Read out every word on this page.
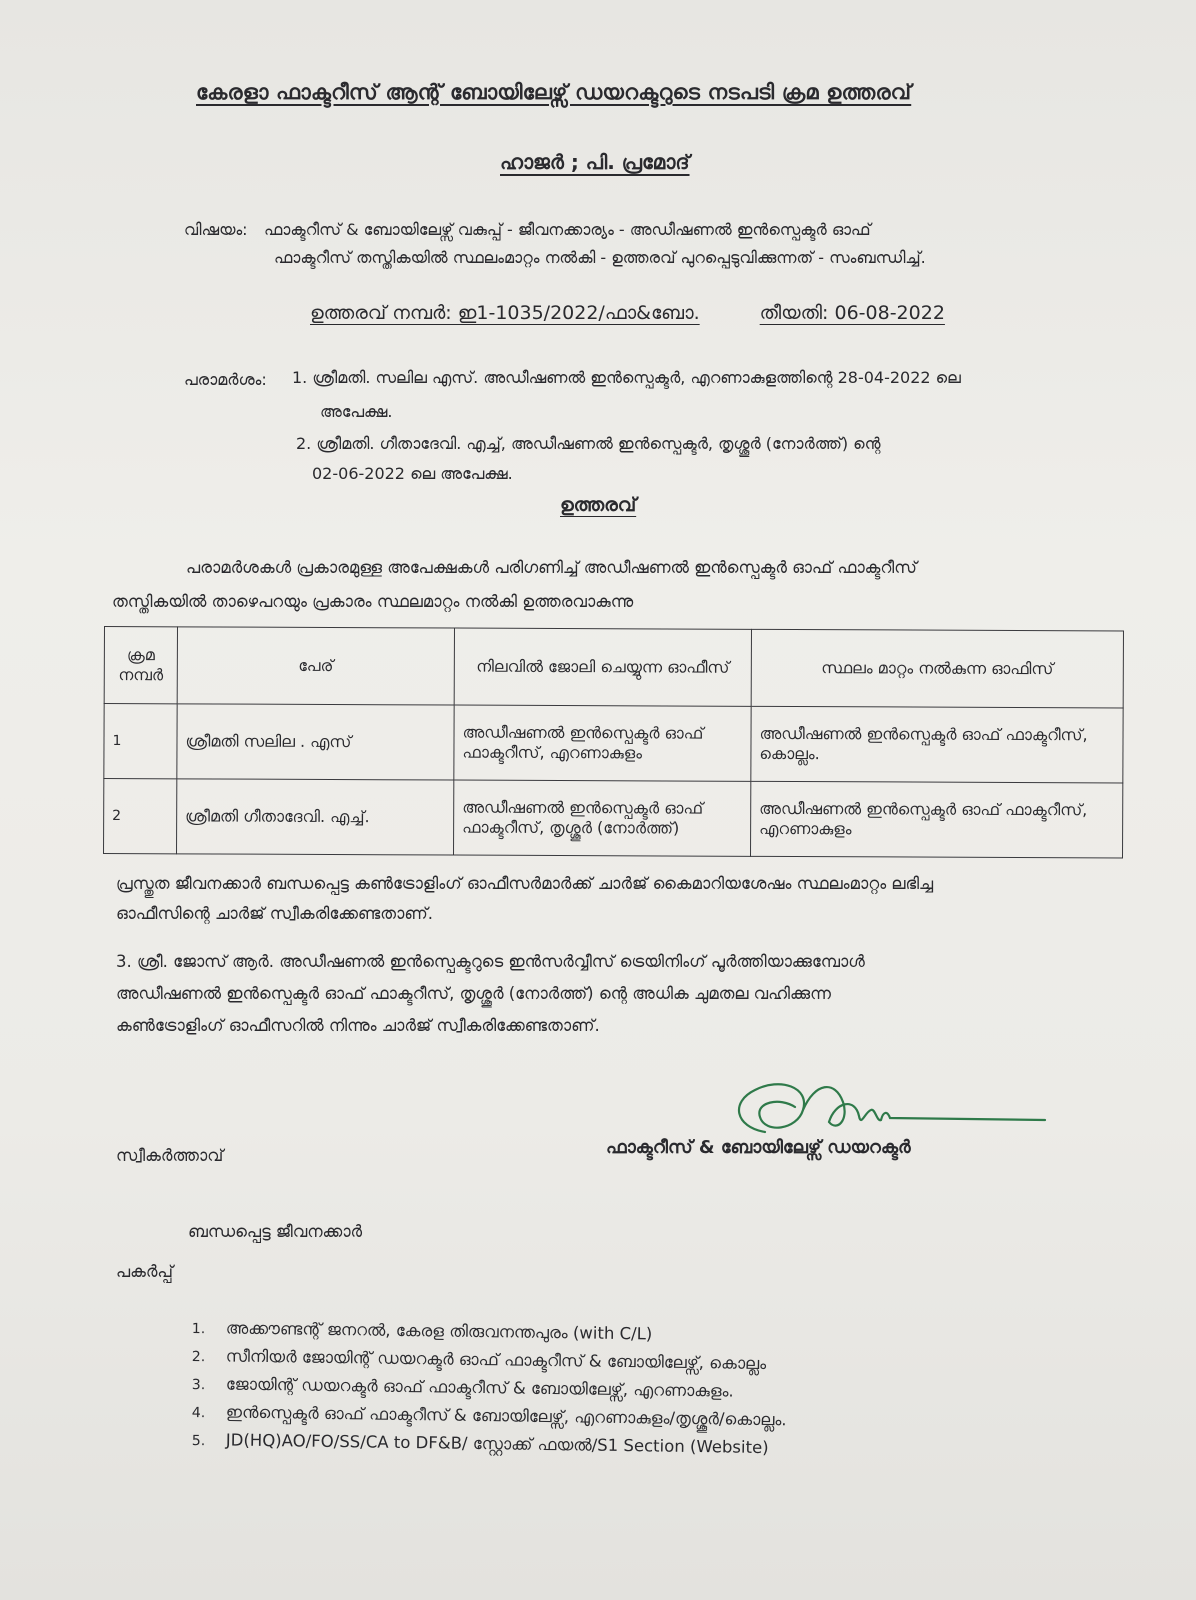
കേരളാ ഫാക്ടറീസ് ആന്റ് ബോയിലേഴ്സ് ഡയറക്ടറുടെ നടപടി ക്രമ ഉത്തരവ്
ഹാജര്‍ ; പി. പ്രമോദ്
വിഷയം: ഫാക്ടറീസ് & ബോയിലേഴ്സ് വകുപ്പ് - ജീവനക്കാര്യം - അഡീഷണല്‍ ഇന്‍സ്പെക്ടര്‍ ഓഫ്
ഫാക്ടറീസ് തസ്തികയില്‍ സ്ഥലംമാറ്റം നല്‍കി - ഉത്തരവ് പുറപ്പെടുവിക്കുന്നത് - സംബന്ധിച്ച്.
ഉത്തരവ് നമ്പര്‍: ഇ1-1035/2022/ഫാ&ബോ.	തീയതി: 06-08-2022
പരാമര്‍ശം: 1. ശ്രീമതി. സലില എസ്. അഡീഷണല്‍ ഇന്‍സ്പെക്ടര്‍, എറണാകുളത്തിന്റെ 28-04-2022 ലെ
അപേക്ഷ.
2. ശ്രീമതി. ഗീതാദേവി. എച്ച്, അഡീഷണല്‍ ഇന്‍സ്പെക്ടര്‍, തൃശ്ശൂര്‍ (നോര്‍ത്ത്) ന്റെ
02-06-2022 ലെ അപേക്ഷ.
ഉത്തരവ്
പരാമര്‍ശകള്‍ പ്രകാരമുള്ള അപേക്ഷകള്‍ പരിഗണിച്ച് അഡീഷണല്‍ ഇന്‍സ്പെക്ടര്‍ ഓഫ് ഫാക്ടറീസ്
തസ്തികയില്‍ താഴെപറയും പ്രകാരം സ്ഥലമാറ്റം നല്‍കി ഉത്തരവാകുന്നു
ക്രമ നമ്പര്‍	പേര്	നിലവില്‍ ജോലി ചെയ്യുന്ന ഓഫീസ്	സ്ഥലം മാറ്റം നല്‍കുന്ന ഓഫിസ്
1	ശ്രീമതി സലില . എസ്	അഡീഷണല്‍ ഇന്‍സ്പെക്ടര്‍ ഓഫ് ഫാക്ടറീസ്, എറണാകുളം	അഡീഷണല്‍ ഇന്‍സ്പെക്ടര്‍ ഓഫ് ഫാക്ടറീസ്, കൊല്ലം.
2	ശ്രീമതി ഗീതാദേവി. എച്ച്.	അഡീഷണല്‍ ഇന്‍സ്പെക്ടര്‍ ഓഫ് ഫാക്ടറീസ്, തൃശ്ശൂര്‍ (നോര്‍ത്ത്)	അഡീഷണല്‍ ഇന്‍സ്പെക്ടര്‍ ഓഫ് ഫാക്ടറീസ്, എറണാകുളം
പ്രസ്തുത ജീവനക്കാര്‍ ബന്ധപ്പെട്ട കണ്‍ട്രോളിംഗ് ഓഫീസര്‍മാര്‍ക്ക് ചാര്‍ജ് കൈമാറിയശേഷം സ്ഥലംമാറ്റം ലഭിച്ച
ഓഫീസിന്റെ ചാര്‍ജ് സ്വീകരിക്കേണ്ടതാണ്.
3. ശ്രീ. ജോസ് ആര്‍. അഡീഷണല്‍ ഇന്‍സ്പെക്ടറുടെ ഇന്‍സര്‍വ്വീസ് ട്രെയിനിംഗ് പൂര്‍ത്തിയാക്കുമ്പോള്‍
അഡീഷണല്‍ ഇന്‍സ്പെക്ടര്‍ ഓഫ് ഫാക്ടറീസ്, തൃശ്ശൂര്‍ (നോര്‍ത്ത്) ന്റെ അധിക ചുമതല വഹിക്കുന്ന
കണ്‍ട്രോളിംഗ് ഓഫീസറില്‍ നിന്നും ചാര്‍ജ് സ്വീകരിക്കേണ്ടതാണ്.
ഫാക്ടറീസ് & ബോയിലേഴ്സ് ഡയറക്ടര്‍
സ്വീകര്‍ത്താവ്
ബന്ധപ്പെട്ട ജീവനക്കാര്‍
പകര്‍പ്പ്
1. അക്കൗണ്ടന്റ് ജനറല്‍, കേരള തിരുവനന്തപുരം (with C/L)
2. സീനിയര്‍ ജോയിന്റ് ഡയറക്ടര്‍ ഓഫ് ഫാക്ടറീസ് & ബോയിലേഴ്സ്, കൊല്ലം
3. ജോയിന്റ് ഡയറക്ടര്‍ ഓഫ് ഫാക്ടറീസ് & ബോയിലേഴ്സ്, എറണാകുളം.
4. ഇന്‍സ്പെക്ടര്‍ ഓഫ് ഫാക്ടറീസ് & ബോയിലേഴ്സ്, എറണാകുളം/തൃശ്ശൂര്‍/കൊല്ലം.
5. JD(HQ)AO/FO/SS/CA to DF&B/ സ്റ്റോക്ക് ഫയല്‍/S1 Section (Website)
